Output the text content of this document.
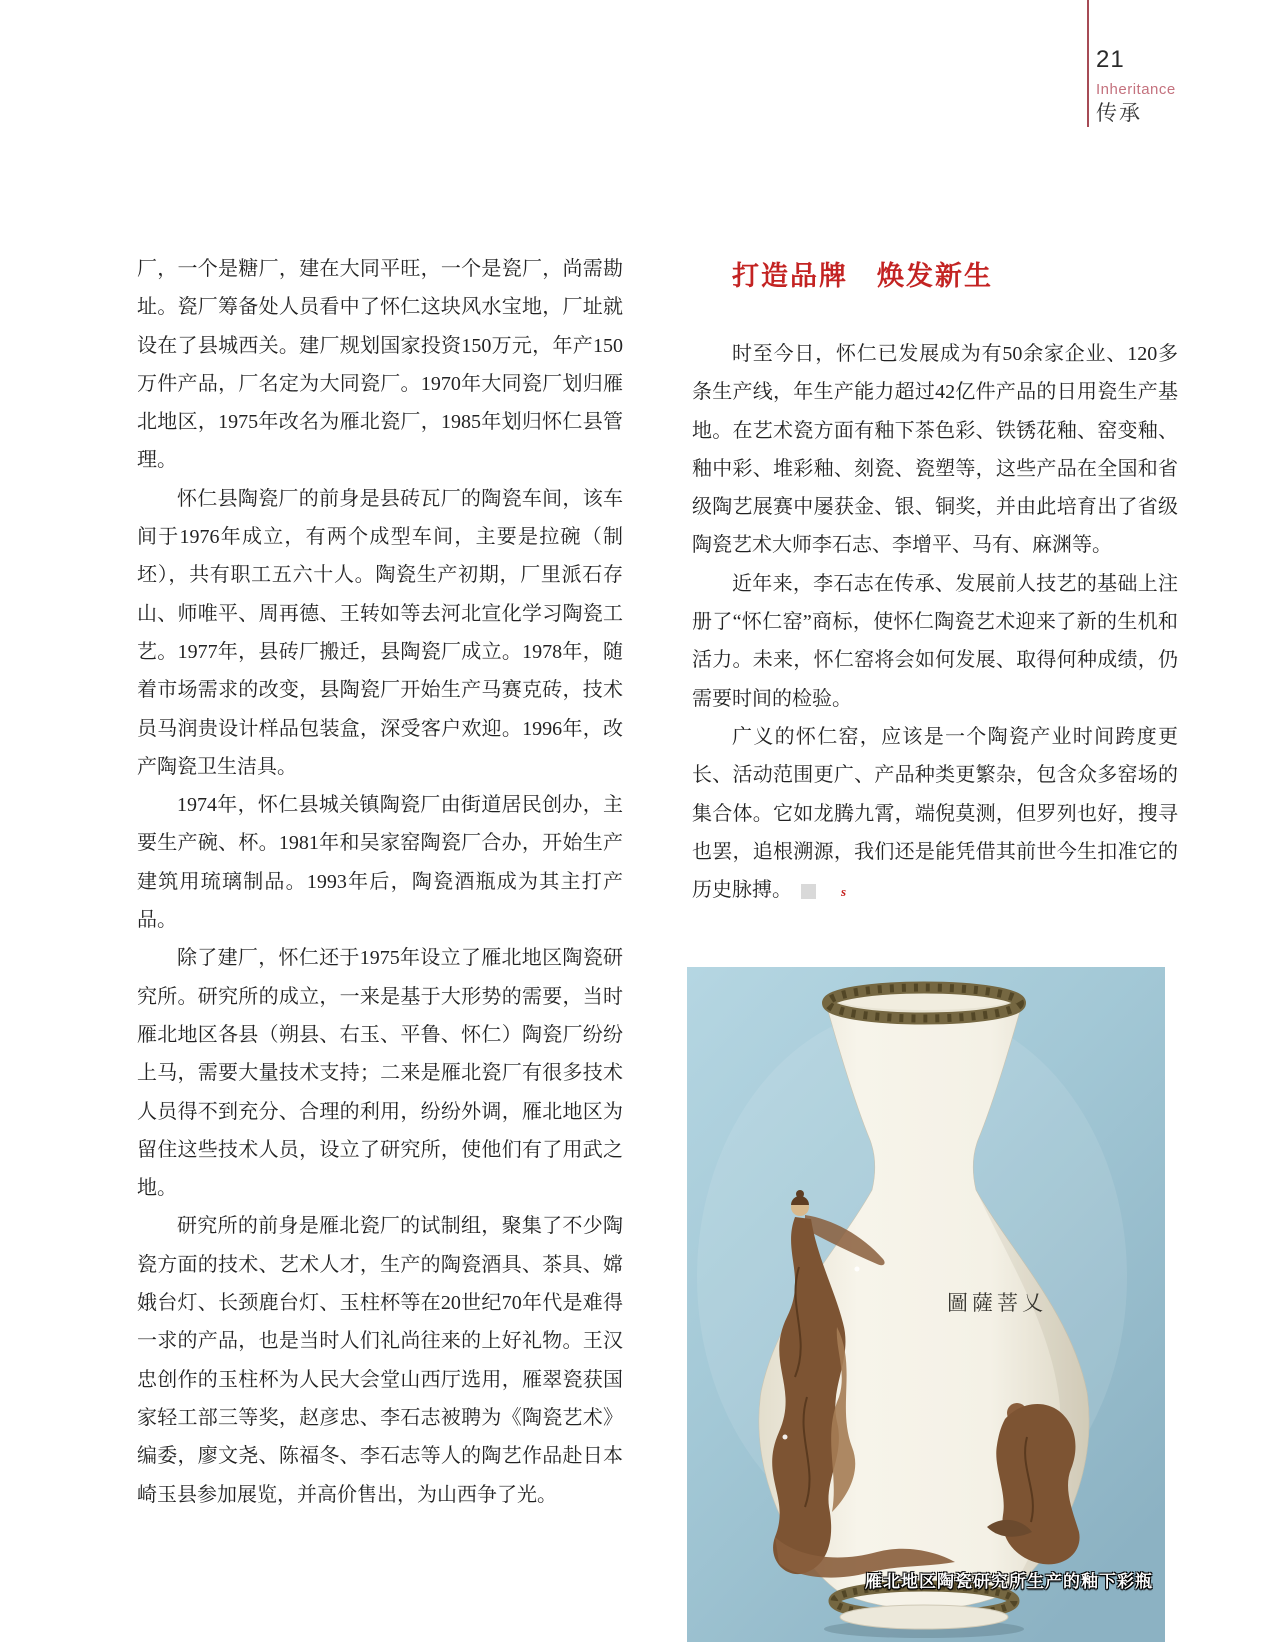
21
Inheritance
传承

厂，一个是糖厂，建在大同平旺，一个是瓷厂，尚需勘址。瓷厂筹备处人员看中了怀仁这块风水宝地，厂址就设在了县城西关。建厂规划国家投资150万元，年产150万件产品，厂名定为大同瓷厂。1970年大同瓷厂划归雁北地区，1975年改名为雁北瓷厂，1985年划归怀仁县管理。

怀仁县陶瓷厂的前身是县砖瓦厂的陶瓷车间，该车间于1976年成立，有两个成型车间，主要是拉碗（制坯），共有职工五六十人。陶瓷生产初期，厂里派石存山、师唯平、周再德、王转如等去河北宣化学习陶瓷工艺。1977年，县砖厂搬迁，县陶瓷厂成立。1978年，随着市场需求的改变，县陶瓷厂开始生产马赛克砖，技术员马润贵设计样品包装盒，深受客户欢迎。1996年，改产陶瓷卫生洁具。

1974年，怀仁县城关镇陶瓷厂由街道居民创办，主要生产碗、杯。1981年和吴家窑陶瓷厂合办，开始生产建筑用琉璃制品。1993年后，陶瓷酒瓶成为其主打产品。

除了建厂，怀仁还于1975年设立了雁北地区陶瓷研究所。研究所的成立，一来是基于大形势的需要，当时雁北地区各县（朔县、右玉、平鲁、怀仁）陶瓷厂纷纷上马，需要大量技术支持；二来是雁北瓷厂有很多技术人员得不到充分、合理的利用，纷纷外调，雁北地区为留住这些技术人员，设立了研究所，使他们有了用武之地。

研究所的前身是雁北瓷厂的试制组，聚集了不少陶瓷方面的技术、艺术人才，生产的陶瓷酒具、茶具、嫦娥台灯、长颈鹿台灯、玉柱杯等在20世纪70年代是难得一求的产品，也是当时人们礼尚往来的上好礼物。王汉忠创作的玉柱杯为人民大会堂山西厅选用，雁翠瓷获国家轻工部三等奖，赵彦忠、李石志被聘为《陶瓷艺术》编委，廖文尧、陈福冬、李石志等人的陶艺作品赴日本崎玉县参加展览，并高价售出，为山西争了光。

打造品牌　焕发新生

时至今日，怀仁已发展成为有50余家企业、120多条生产线，年生产能力超过42亿件产品的日用瓷生产基地。在艺术瓷方面有釉下茶色彩、铁锈花釉、窑变釉、釉中彩、堆彩釉、刻瓷、瓷塑等，这些产品在全国和省级陶艺展赛中屡获金、银、铜奖，并由此培育出了省级陶瓷艺术大师李石志、李增平、马有、麻渊等。

近年来，李石志在传承、发展前人技艺的基础上注册了“怀仁窑”商标，使怀仁陶瓷艺术迎来了新的生机和活力。未来，怀仁窑将会如何发展、取得何种成绩，仍需要时间的检验。

广义的怀仁窑，应该是一个陶瓷产业时间跨度更长、活动范围更广、产品种类更繁杂，包含众多窑场的集合体。它如龙腾九霄，端倪莫测，但罗列也好，搜寻也罢，追根溯源，我们还是能凭借其前世今生扣准它的历史脉搏。	s

圖薩菩乂
雁北地区陶瓷研究所生产的釉下彩瓶
